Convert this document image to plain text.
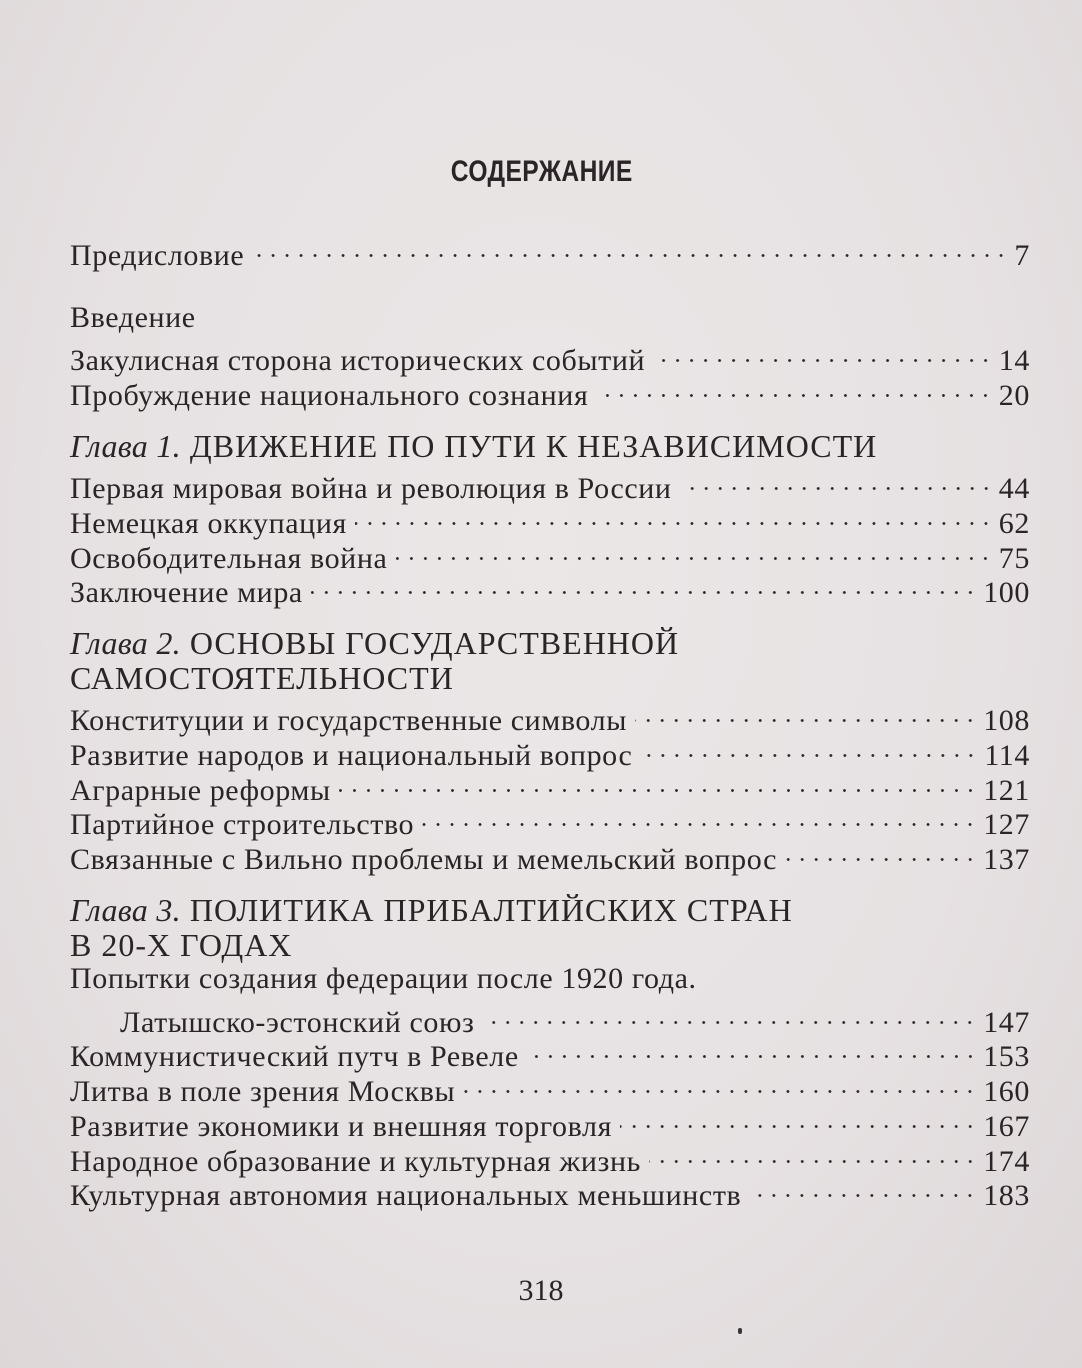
СОДЕРЖАНИЕ
Предисловие	7
Введение
Закулисная сторона исторических событий	14
Пробуждение национального сознания	20
Глава 1. ДВИЖЕНИЕ ПО ПУТИ К НЕЗАВИСИМОСТИ
Первая мировая война и революция в России	44
Немецкая оккупация	62
Освободительная война	75
Заключение мира	100
Глава 2. ОСНОВЫ ГОСУДАРСТВЕННОЙ
САМОСТОЯТЕЛЬНОСТИ
Конституции и государственные символы	108
Развитие народов и национальный вопрос	114
Аграрные реформы	121
Партийное строительство	127
Связанные с Вильно проблемы и мемельский вопрос	137
Глава 3. ПОЛИТИКА ПРИБАЛТИЙСКИХ СТРАН
В 20-Х ГОДАХ
Попытки создания федерации после 1920 года.
Латышско-эстонский союз	147
Коммунистический путч в Ревеле	153
Литва в поле зрения Москвы	160
Развитие экономики и внешняя торговля	167
Народное образование и культурная жизнь	174
Культурная автономия национальных меньшинств	183
318
